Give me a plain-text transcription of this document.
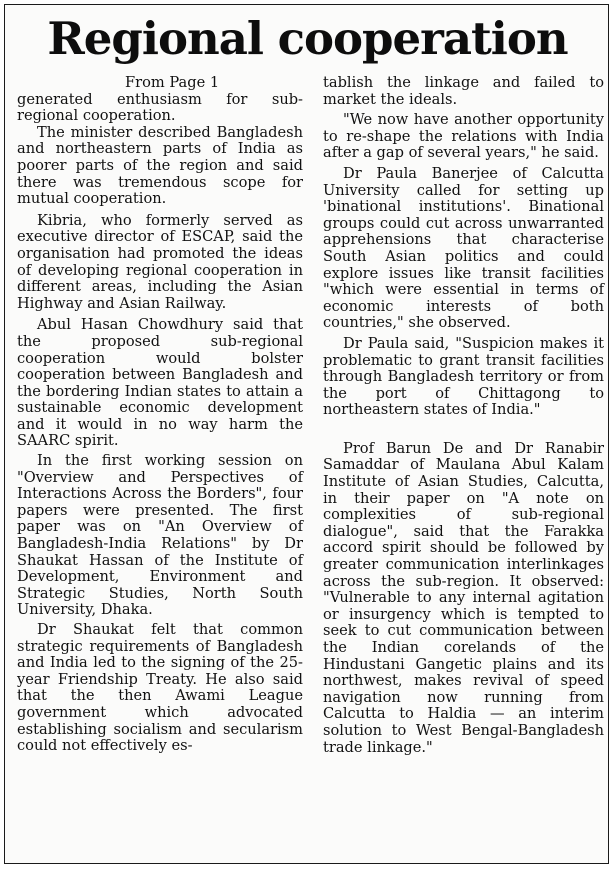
Regional cooperation

From Page 1

generated enthusiasm for sub-regional cooperation.

The minister described Bangladesh and northeastern parts of India as poorer parts of the region and said there was tremendous scope for mutual cooperation.

Kibria, who formerly served as executive director of ESCAP, said the organisation had promoted the ideas of developing regional cooperation in different areas, including the Asian Highway and Asian Railway.

Abul Hasan Chowdhury said that the proposed sub-regional cooperation would bolster cooperation between Bangladesh and the bordering Indian states to attain a sustainable economic development and it would in no way harm the SAARC spirit.

In the first working session on "Overview and Perspectives of Interactions Across the Borders", four papers were presented. The first paper was on "An Overview of Bangladesh-India Relations" by Dr Shaukat Hassan of the Institute of Development, Environment and Strategic Studies, North South University, Dhaka.

Dr Shaukat felt that common strategic requirements of Bangladesh and India led to the signing of the 25-year Friendship Treaty. He also said that the then Awami League government which advocated establishing socialism and secularism could not effectively es-

tablish the linkage and failed to market the ideals.

"We now have another opportunity to re-shape the relations with India after a gap of several years," he said.

Dr Paula Banerjee of Calcutta University called for setting up 'binational institutions'. Binational groups could cut across unwarranted apprehensions that characterise South Asian politics and could explore issues like transit facilities "which were essential in terms of economic interests of both countries," she observed.

Dr Paula said, "Suspicion makes it problematic to grant transit facilities through Bangladesh territory or from the port of Chittagong to northeastern states of India."

Prof Barun De and Dr Ranabir Samaddar of Maulana Abul Kalam Institute of Asian Studies, Calcutta, in their paper on "A note on complexities of sub-regional dialogue", said that the Farakka accord spirit should be followed by greater communication interlinkages across the sub-region. It observed: "Vulnerable to any internal agitation or insurgency which is tempted to seek to cut communication between the Indian corelands of the Hindustani Gangetic plains and its northwest, makes revival of speed navigation now running from Calcutta to Haldia — an interim solution to West Bengal-Bangladesh trade linkage."
